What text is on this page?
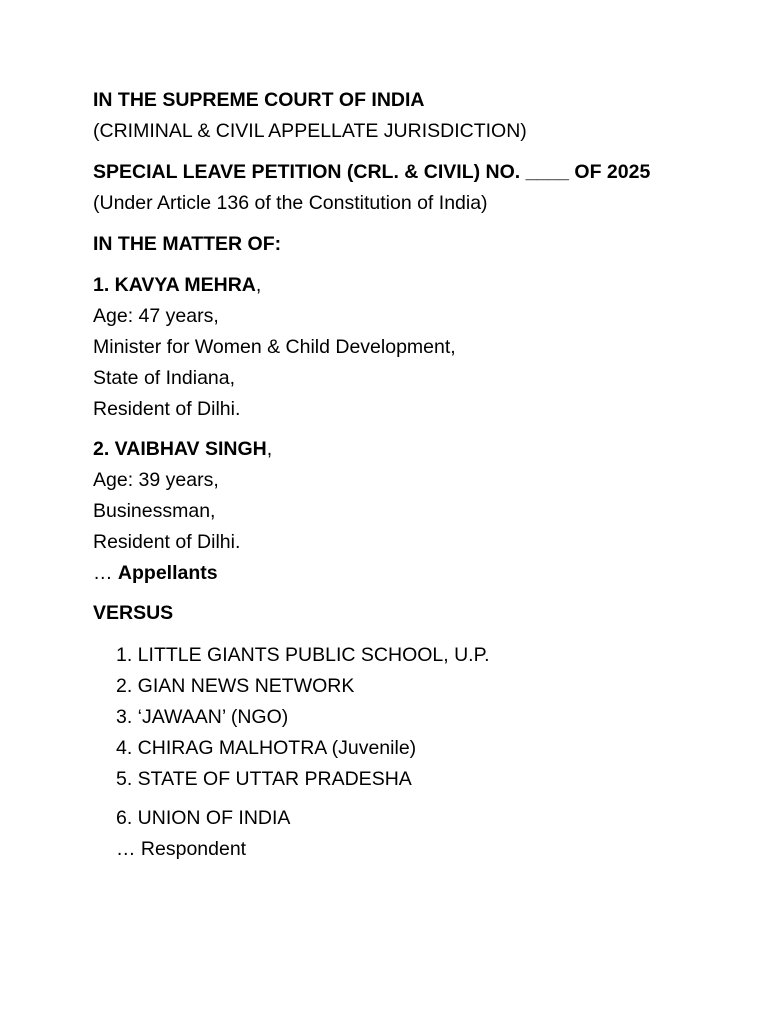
IN THE SUPREME COURT OF INDIA
(CRIMINAL & CIVIL APPELLATE JURISDICTION)
SPECIAL LEAVE PETITION (CRL. & CIVIL) NO. ____ OF 2025
(Under Article 136 of the Constitution of India)
IN THE MATTER OF:
1. KAVYA MEHRA,
Age: 47 years,
Minister for Women & Child Development,
State of Indiana,
Resident of Dilhi.
2. VAIBHAV SINGH,
Age: 39 years,
Businessman,
Resident of Dilhi.
… Appellants
VERSUS
1. LITTLE GIANTS PUBLIC SCHOOL, U.P.
2. GIAN NEWS NETWORK
3. ‘JAWAAN’ (NGO)
4. CHIRAG MALHOTRA (Juvenile)
5. STATE OF UTTAR PRADESHA
6. UNION OF INDIA
… Respondent
